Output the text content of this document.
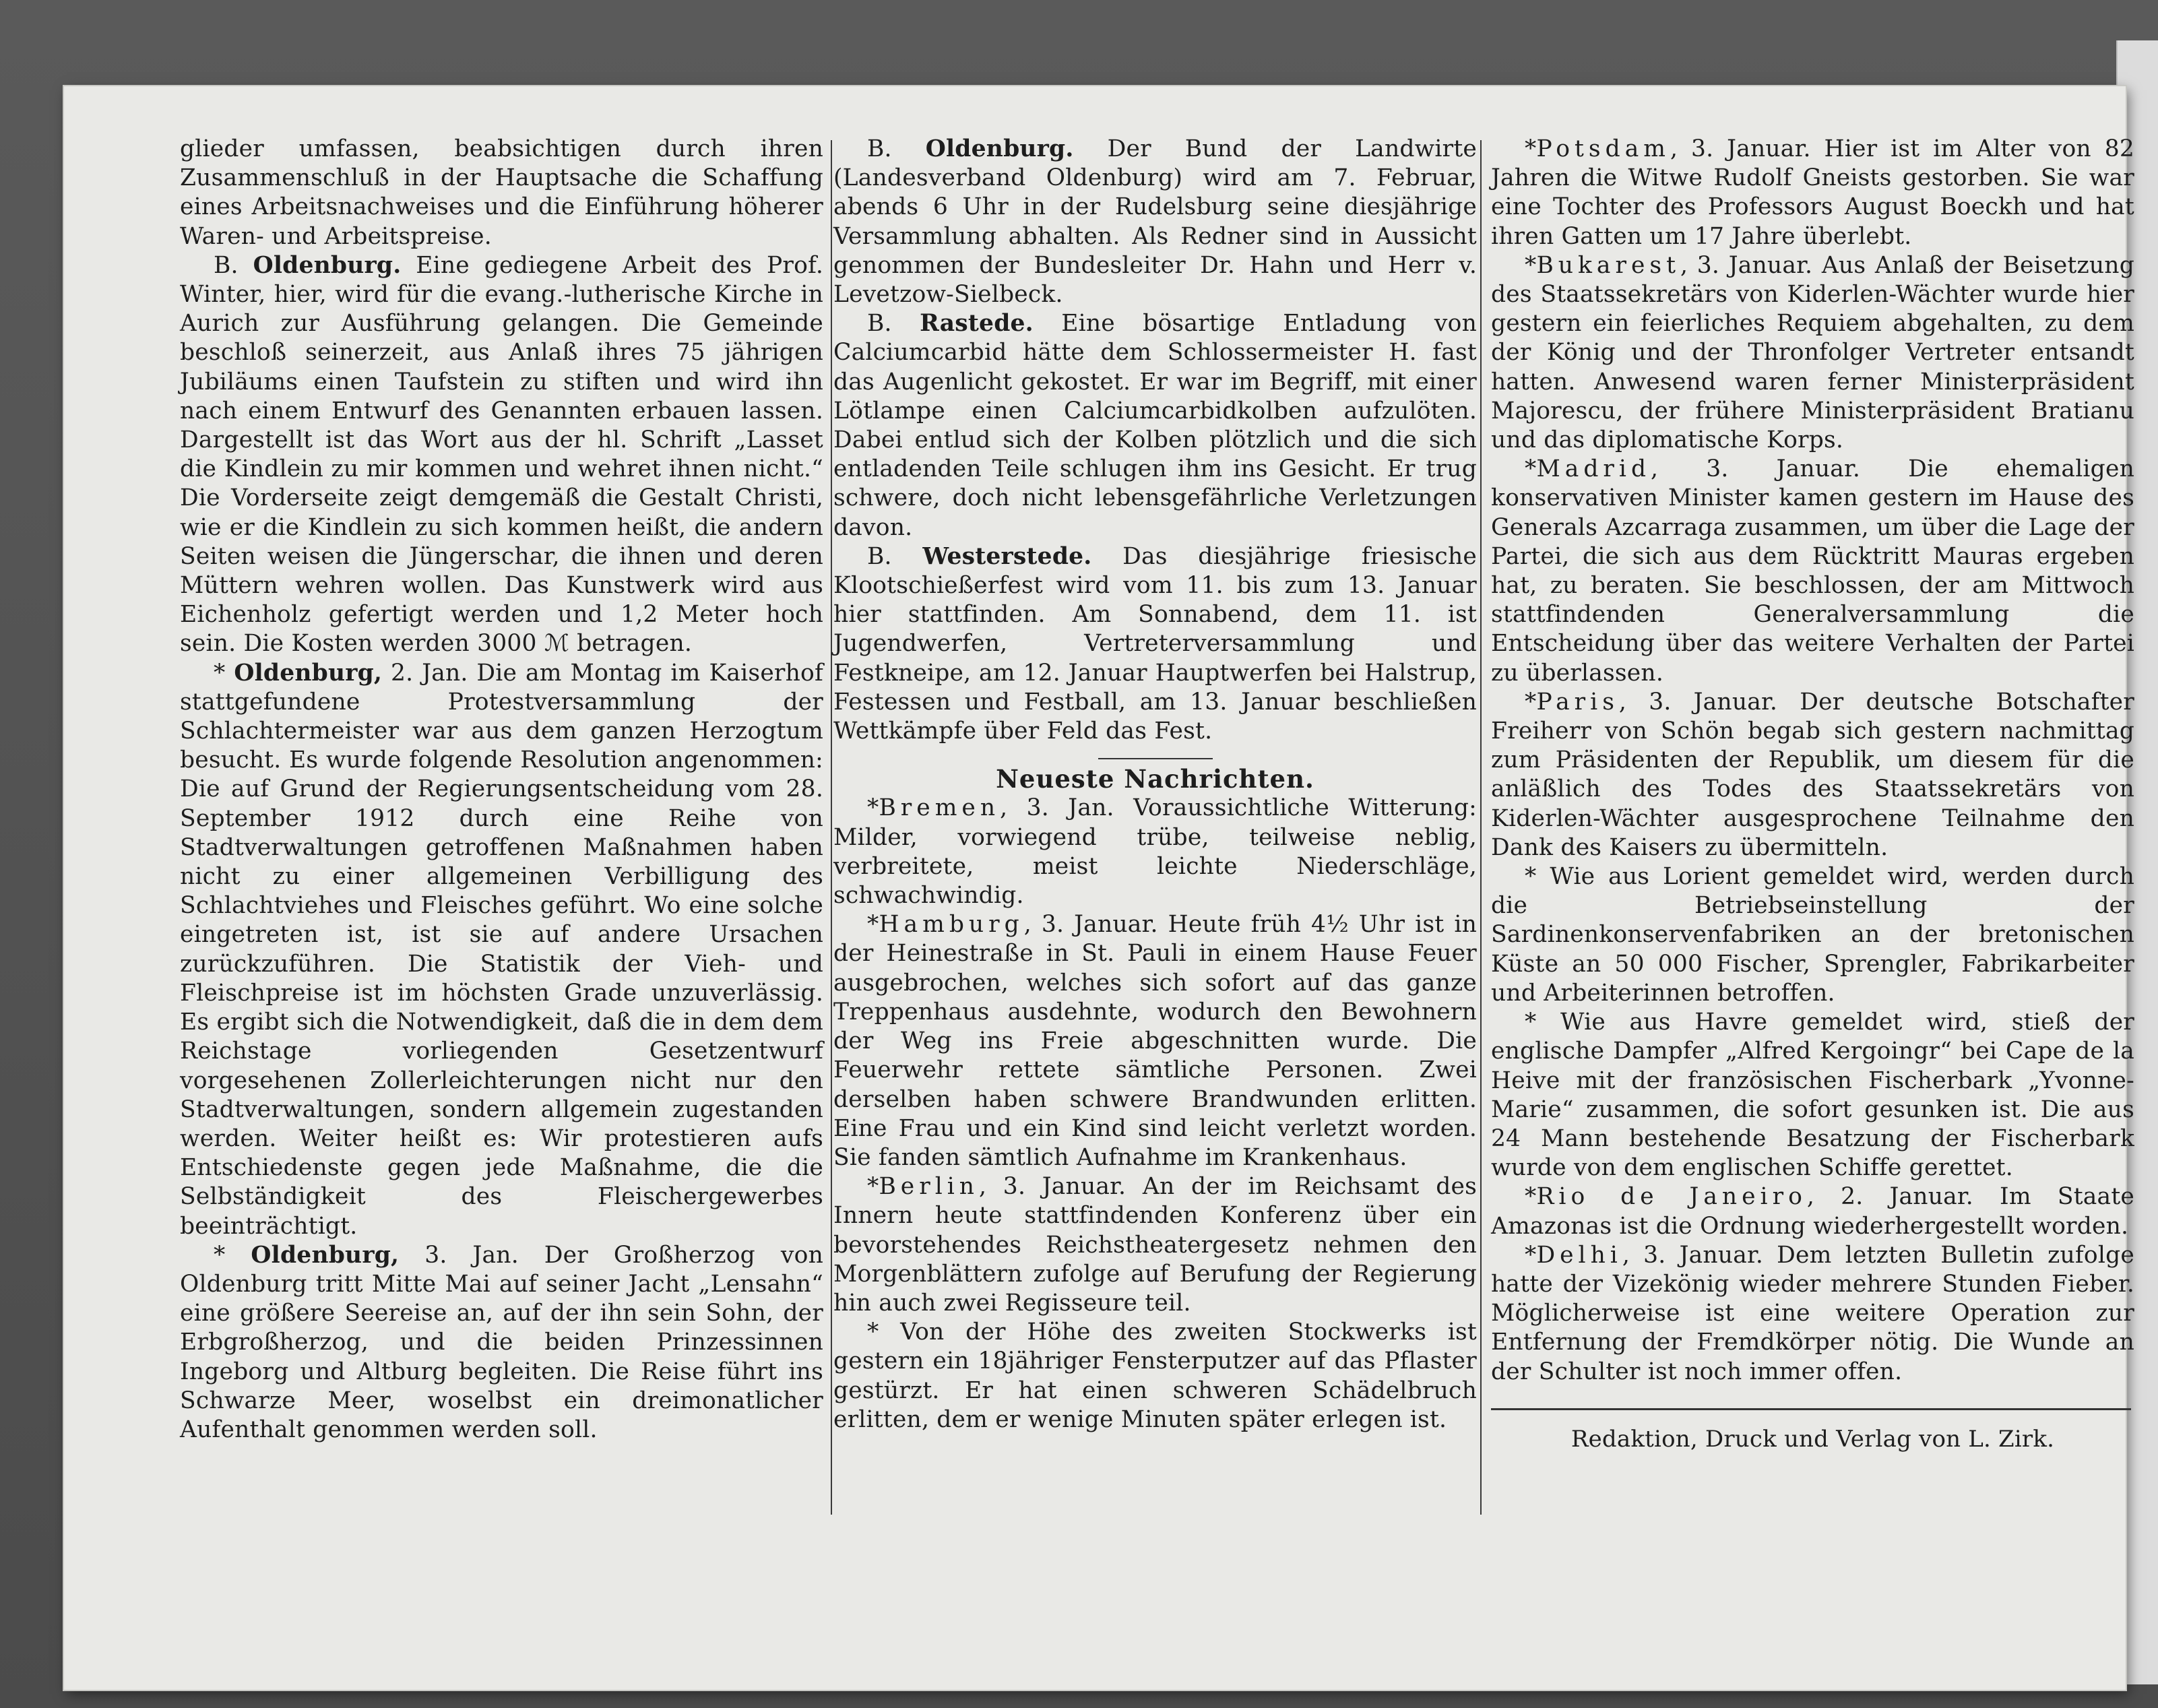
glieder umfassen, beabsichtigen durch ihren Zusammenschluß in der Hauptsache die Schaffung eines Arbeitsnachweises und die Einführung höherer Waren- und Arbeitspreise.

B. Oldenburg. Eine gediegene Arbeit des Prof. Winter, hier, wird für die evang.-lutherische Kirche in Aurich zur Ausführung gelangen. Die Gemeinde beschloß seinerzeit, aus Anlaß ihres 75 jährigen Jubiläums einen Taufstein zu stiften und wird ihn nach einem Entwurf des Genannten erbauen lassen. Dargestellt ist das Wort aus der hl. Schrift „Lasset die Kindlein zu mir kommen und wehret ihnen nicht.“ Die Vorderseite zeigt demgemäß die Gestalt Christi, wie er die Kindlein zu sich kommen heißt, die andern Seiten weisen die Jüngerschar, die ihnen und deren Müttern wehren wollen. Das Kunstwerk wird aus Eichenholz gefertigt werden und 1,2 Meter hoch sein. Die Kosten werden 3000 ℳ betragen.

* Oldenburg, 2. Jan. Die am Montag im Kaiserhof stattgefundene Protestversammlung der Schlachtermeister war aus dem ganzen Herzogtum besucht. Es wurde folgende Resolution angenommen: Die auf Grund der Regierungsentscheidung vom 28. September 1912 durch eine Reihe von Stadtverwaltungen getroffenen Maßnahmen haben nicht zu einer allgemeinen Verbilligung des Schlachtviehes und Fleisches geführt. Wo eine solche eingetreten ist, ist sie auf andere Ursachen zurückzuführen. Die Statistik der Vieh- und Fleischpreise ist im höchsten Grade unzuverlässig. Es ergibt sich die Notwendigkeit, daß die in dem dem Reichstage vorliegenden Gesetzentwurf vorgesehenen Zollerleichterungen nicht nur den Stadtverwaltungen, sondern allgemein zugestanden werden. Weiter heißt es: Wir protestieren aufs Entschiedenste gegen jede Maßnahme, die die Selbständigkeit des Fleischergewerbes beeinträchtigt.

* Oldenburg, 3. Jan. Der Großherzog von Oldenburg tritt Mitte Mai auf seiner Jacht „Lensahn“ eine größere Seereise an, auf der ihn sein Sohn, der Erbgroßherzog, und die beiden Prinzessinnen Ingeborg und Altburg begleiten. Die Reise führt ins Schwarze Meer, woselbst ein dreimonatlicher Aufenthalt genommen werden soll.

B. Oldenburg. Der Bund der Landwirte (Landesverband Oldenburg) wird am 7. Februar, abends 6 Uhr in der Rudelsburg seine diesjährige Versammlung abhalten. Als Redner sind in Aussicht genommen der Bundesleiter Dr. Hahn und Herr v. Levetzow-Sielbeck.

B. Rastede. Eine bösartige Entladung von Calciumcarbid hätte dem Schlossermeister H. fast das Augenlicht gekostet. Er war im Begriff, mit einer Lötlampe einen Calciumcarbidkolben aufzulöten. Dabei entlud sich der Kolben plötzlich und die sich entladenden Teile schlugen ihm ins Gesicht. Er trug schwere, doch nicht lebensgefährliche Verletzungen davon.

B. Westerstede. Das diesjährige friesische Klootschießerfest wird vom 11. bis zum 13. Januar hier stattfinden. Am Sonnabend, dem 11. ist Jugendwerfen, Vertreterversammlung und Festkneipe, am 12. Januar Hauptwerfen bei Halstrup, Festessen und Festball, am 13. Januar beschließen Wettkämpfe über Feld das Fest.

Neueste Nachrichten.

*Bremen, 3. Jan. Voraussichtliche Witterung: Milder, vorwiegend trübe, teilweise neblig, verbreitete, meist leichte Niederschläge, schwachwindig.

*Hamburg, 3. Januar. Heute früh 4½ Uhr ist in der Heinestraße in St. Pauli in einem Hause Feuer ausgebrochen, welches sich sofort auf das ganze Treppenhaus ausdehnte, wodurch den Bewohnern der Weg ins Freie abgeschnitten wurde. Die Feuerwehr rettete sämtliche Personen. Zwei derselben haben schwere Brandwunden erlitten. Eine Frau und ein Kind sind leicht verletzt worden. Sie fanden sämtlich Aufnahme im Krankenhaus.

*Berlin, 3. Januar. An der im Reichsamt des Innern heute stattfindenden Konferenz über ein bevorstehendes Reichstheatergesetz nehmen den Morgenblättern zufolge auf Berufung der Regierung hin auch zwei Regisseure teil.

* Von der Höhe des zweiten Stockwerks ist gestern ein 18jähriger Fensterputzer auf das Pflaster gestürzt. Er hat einen schweren Schädelbruch erlitten, dem er wenige Minuten später erlegen ist.

*Potsdam, 3. Januar. Hier ist im Alter von 82 Jahren die Witwe Rudolf Gneists gestorben. Sie war eine Tochter des Professors August Boeckh und hat ihren Gatten um 17 Jahre überlebt.

*Bukarest, 3. Januar. Aus Anlaß der Beisetzung des Staatssekretärs von Kiderlen-Wächter wurde hier gestern ein feierliches Requiem abgehalten, zu dem der König und der Thronfolger Vertreter entsandt hatten. Anwesend waren ferner Ministerpräsident Majorescu, der frühere Ministerpräsident Bratianu und das diplomatische Korps.

*Madrid, 3. Januar. Die ehemaligen konservativen Minister kamen gestern im Hause des Generals Azcarraga zusammen, um über die Lage der Partei, die sich aus dem Rücktritt Mauras ergeben hat, zu beraten. Sie beschlossen, der am Mittwoch stattfindenden Generalversammlung die Entscheidung über das weitere Verhalten der Partei zu überlassen.

*Paris, 3. Januar. Der deutsche Botschafter Freiherr von Schön begab sich gestern nachmittag zum Präsidenten der Republik, um diesem für die anläßlich des Todes des Staatssekretärs von Kiderlen-Wächter ausgesprochene Teilnahme den Dank des Kaisers zu übermitteln.

* Wie aus Lorient gemeldet wird, werden durch die Betriebseinstellung der Sardinenkonservenfabriken an der bretonischen Küste an 50 000 Fischer, Sprengler, Fabrikarbeiter und Arbeiterinnen betroffen.

* Wie aus Havre gemeldet wird, stieß der englische Dampfer „Alfred Kergoingr“ bei Cape de la Heive mit der französischen Fischerbark „Yvonne-Marie“ zusammen, die sofort gesunken ist. Die aus 24 Mann bestehende Besatzung der Fischerbark wurde von dem englischen Schiffe gerettet.

*Rio de Janeiro, 2. Januar. Im Staate Amazonas ist die Ordnung wiederhergestellt worden.

*Delhi, 3. Januar. Dem letzten Bulletin zufolge hatte der Vizekönig wieder mehrere Stunden Fieber. Möglicherweise ist eine weitere Operation zur Entfernung der Fremdkörper nötig. Die Wunde an der Schulter ist noch immer offen.

Redaktion, Druck und Verlag von L. Zirk.
